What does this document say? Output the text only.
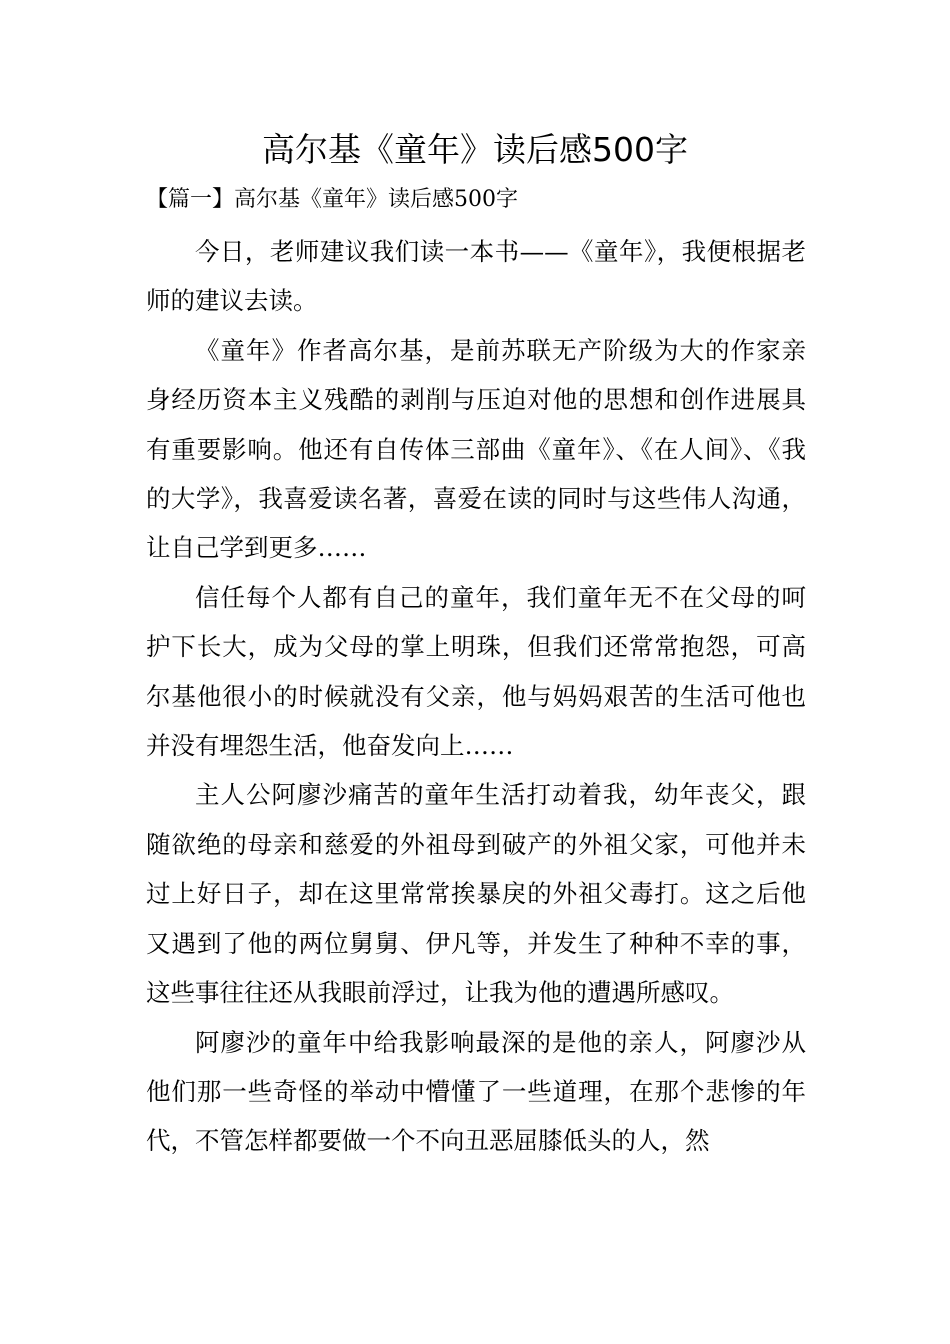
高尔基《童年》读后感500字
【篇一】高尔基《童年》读后感500字

今日，老师建议我们读一本书——《童年》，我便根据老师的建议去读。

《童年》作者高尔基，是前苏联无产阶级为大的作家亲身经历资本主义残酷的剥削与压迫对他的思想和创作进展具有重要影响。他还有自传体三部曲《童年》、《在人间》、《我的大学》，我喜爱读名著，喜爱在读的同时与这些伟人沟通，让自己学到更多……

信任每个人都有自己的童年，我们童年无不在父母的呵护下长大，成为父母的掌上明珠，但我们还常常抱怨，可高尔基他很小的时候就没有父亲，他与妈妈艰苦的生活可他也并没有埋怨生活，他奋发向上……

主人公阿廖沙痛苦的童年生活打动着我，幼年丧父，跟随欲绝的母亲和慈爱的外祖母到破产的外祖父家，可他并未过上好日子，却在这里常常挨暴戾的外祖父毒打。这之后他又遇到了他的两位舅舅、伊凡等，并发生了种种不幸的事，这些事往往还从我眼前浮过，让我为他的遭遇所感叹。

阿廖沙的童年中给我影响最深的是他的亲人，阿廖沙从他们那一些奇怪的举动中懵懂了一些道理，在那个悲惨的年代，不管怎样都要做一个不向丑恶屈膝低头的人，然
